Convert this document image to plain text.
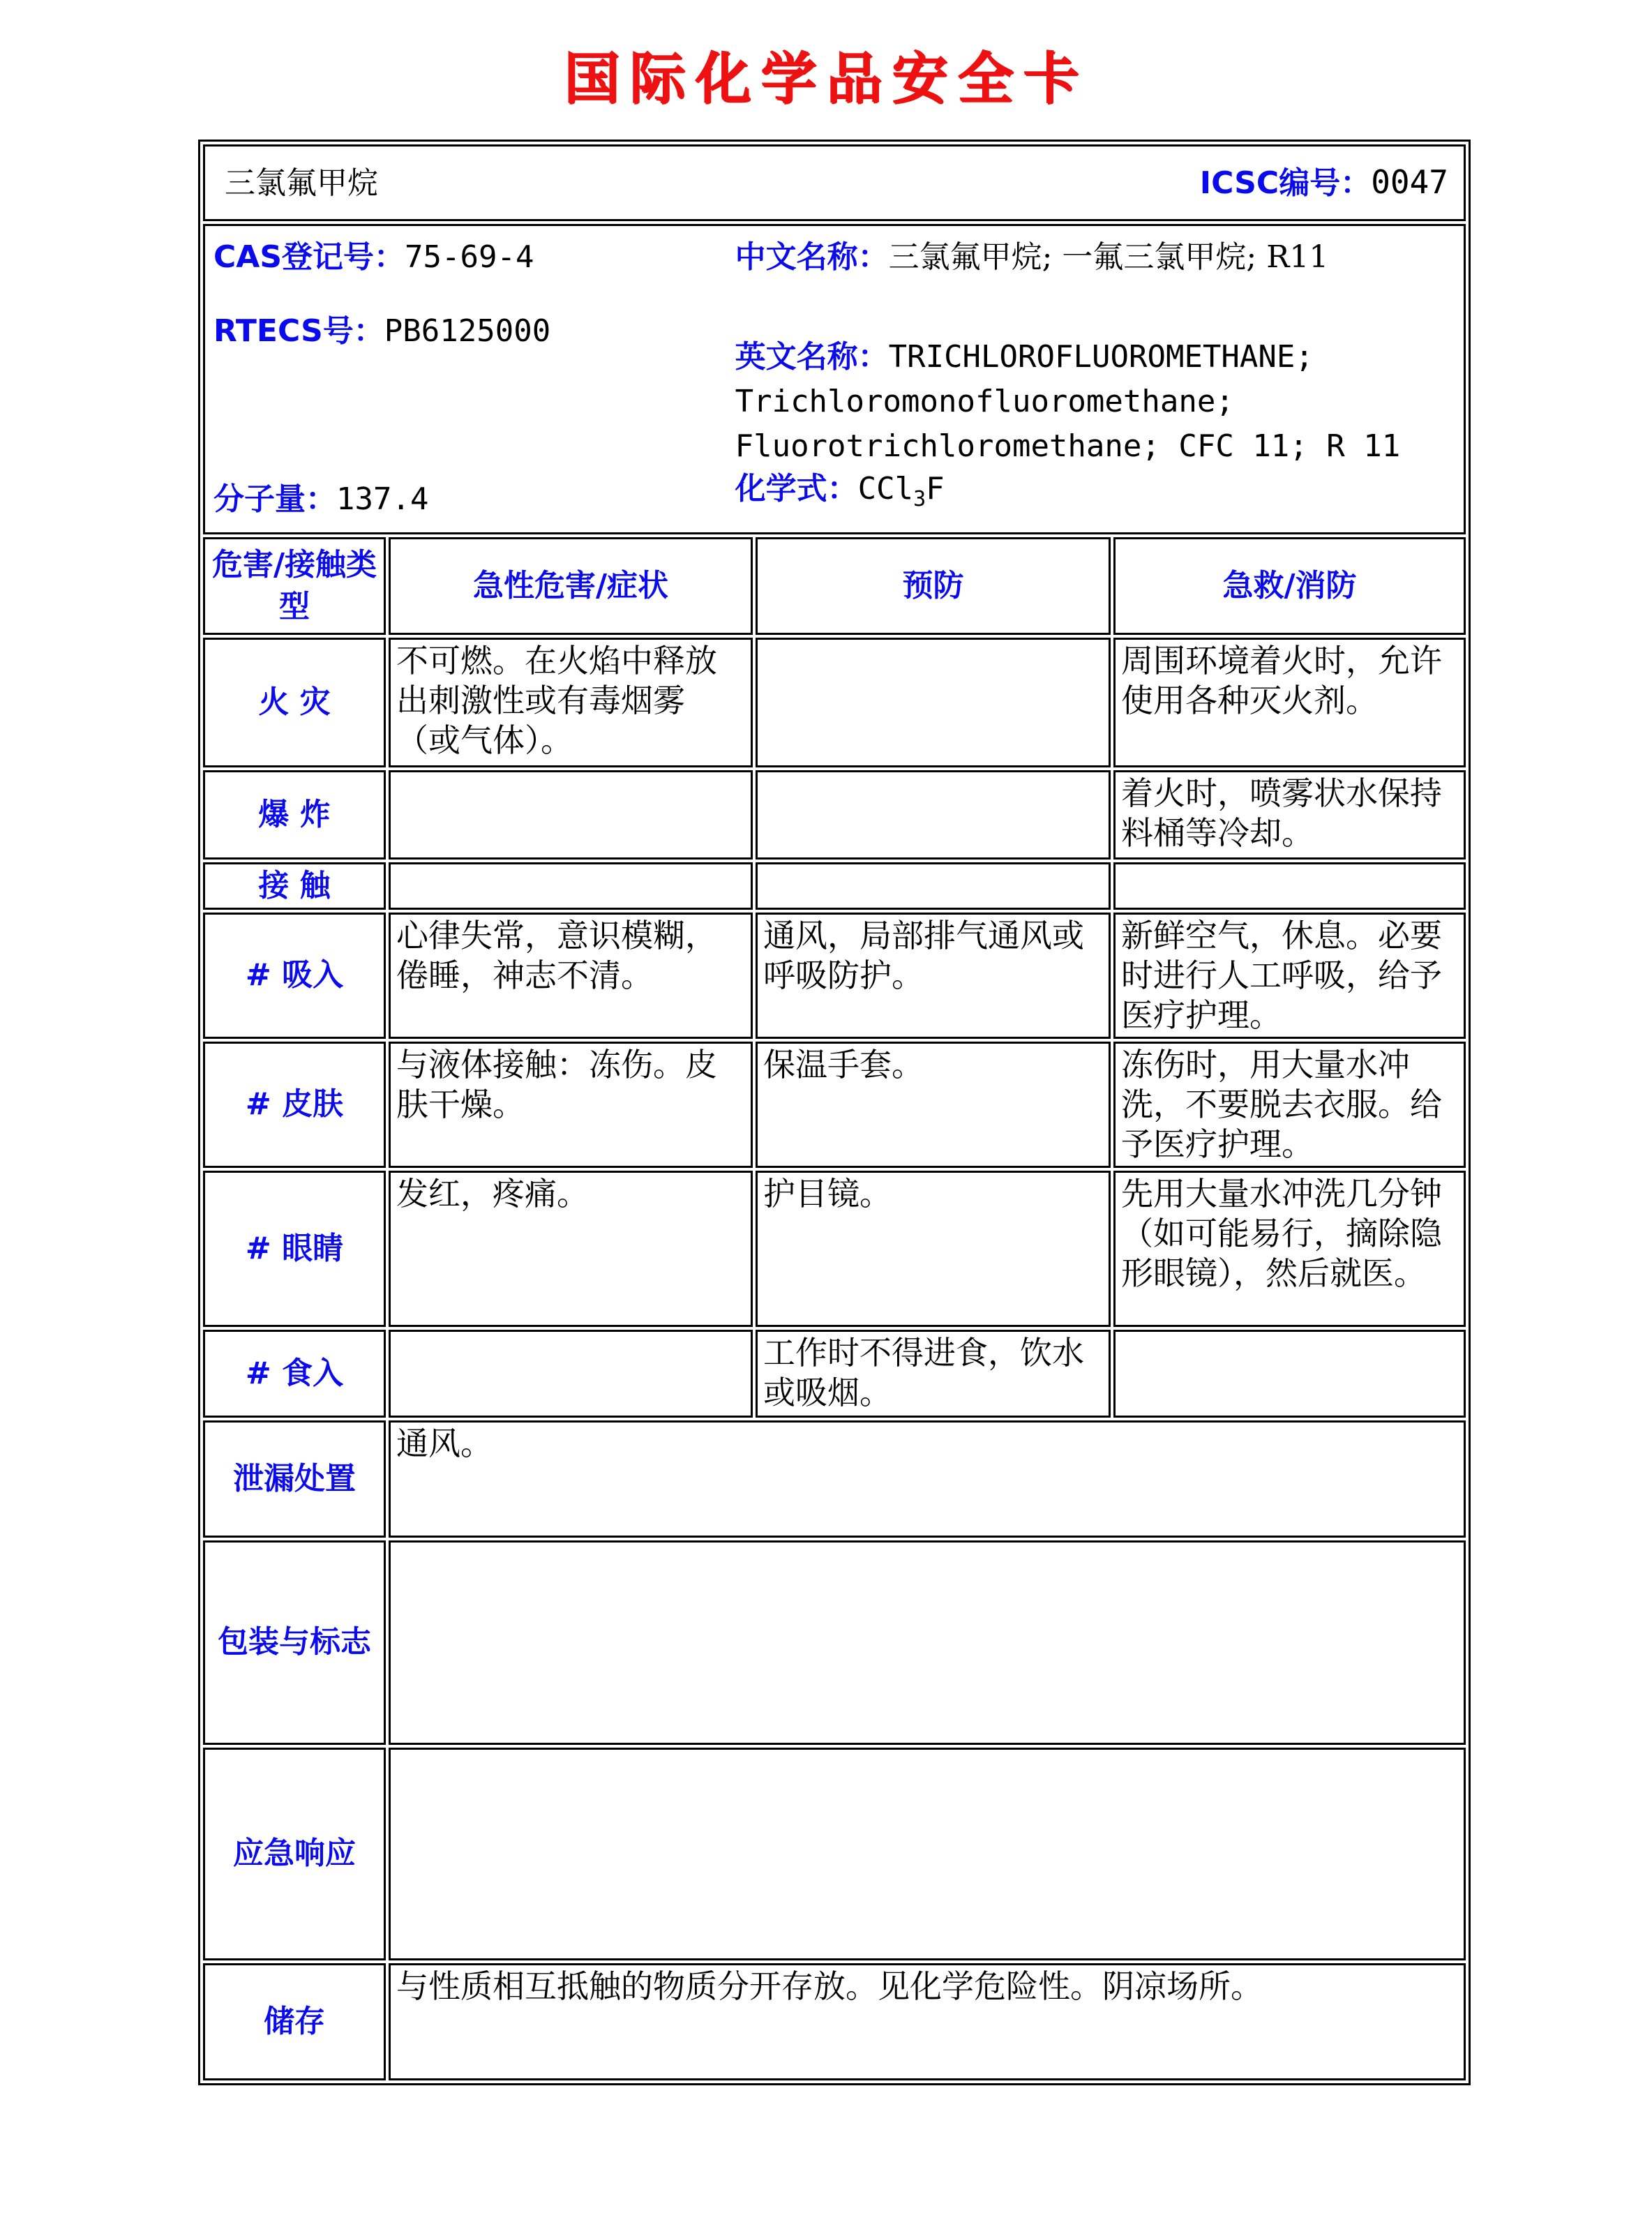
国际化学品安全卡
三氯氟甲烷 ICSC编号：0047			

CAS登记号：75-69-4
RTECS号：PB6125000
分子量：137.4
中文名称：三氯氟甲烷; 一氟三氯甲烷; R11
英文名称：TRICHLOROFLUOROMETHANE;
Trichloromonofluoromethane;
Fluorotrichloromethane; CFC 11; R 11
化学式：CCl$_3$F

危害/接触类型	急性危害/症状	预防	急救/消防
火 灾	不可燃。在火焰中释放出刺激性或有毒烟雾（或气体）。		周围环境着火时，允许使用各种灭火剂。
爆 炸			着火时，喷雾状水保持料桶等冷却。
接 触			
# 吸入	心律失常，意识模糊，倦睡，神志不清。	通风，局部排气通风或呼吸防护。	新鲜空气，休息。必要时进行人工呼吸，给予医疗护理。
# 皮肤	与液体接触：冻伤。皮肤干燥。	保温手套。	冻伤时，用大量水冲洗，不要脱去衣服。给予医疗护理。
# 眼睛	发红，疼痛。	护目镜。	先用大量水冲洗几分钟（如可能易行，摘除隐形眼镜），然后就医。
# 食入		工作时不得进食，饮水或吸烟。	
泄漏处置	通风。		
包装与标志			
应急响应			
储存	与性质相互抵触的物质分开存放。见化学危险性。阴凉场所。		
